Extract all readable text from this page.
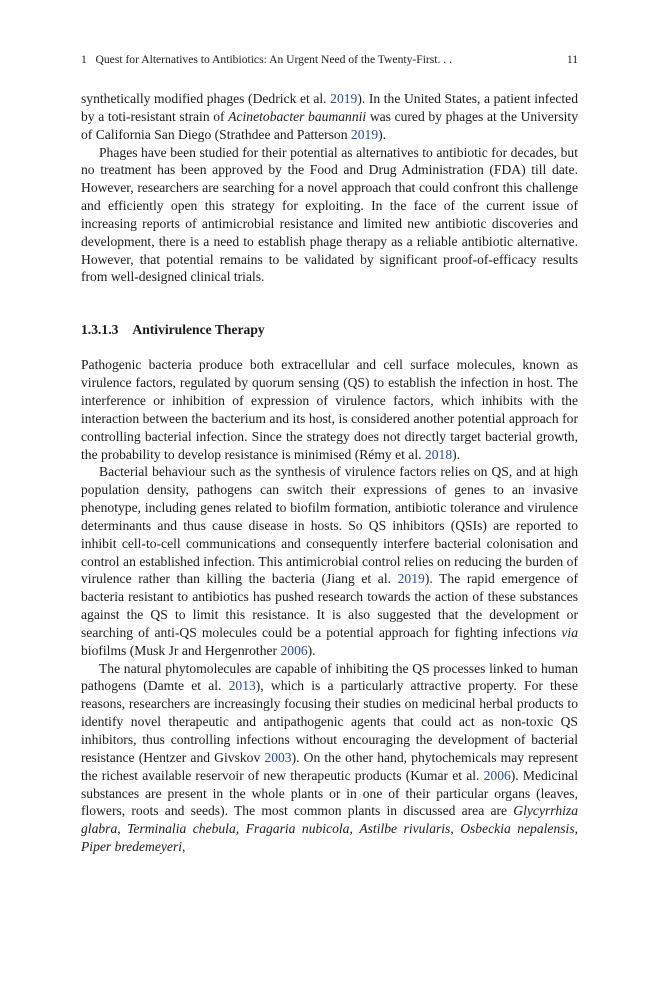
1 Quest for Alternatives to Antibiotics: An Urgent Need of the Twenty-First. . .	11

synthetically modified phages (Dedrick et al. 2019). In the United States, a patient infected by a toti-resistant strain of Acinetobacter baumannii was cured by phages at the University of California San Diego (Strathdee and Patterson 2019).

Phages have been studied for their potential as alternatives to antibiotic for decades, but no treatment has been approved by the Food and Drug Administration (FDA) till date. However, researchers are searching for a novel approach that could confront this challenge and efficiently open this strategy for exploiting. In the face of the current issue of increasing reports of antimicrobial resistance and limited new antibiotic discoveries and development, there is a need to establish phage therapy as a reliable antibiotic alternative. However, that potential remains to be validated by significant proof-of-efficacy results from well-designed clinical trials.

1.3.1.3 Antivirulence Therapy

Pathogenic bacteria produce both extracellular and cell surface molecules, known as virulence factors, regulated by quorum sensing (QS) to establish the infection in host. The interference or inhibition of expression of virulence factors, which inhibits with the interaction between the bacterium and its host, is considered another potential approach for controlling bacterial infection. Since the strategy does not directly target bacterial growth, the probability to develop resistance is minimised (Rémy et al. 2018).

Bacterial behaviour such as the synthesis of virulence factors relies on QS, and at high population density, pathogens can switch their expressions of genes to an invasive phenotype, including genes related to biofilm formation, antibiotic tolerance and virulence determinants and thus cause disease in hosts. So QS inhibitors (QSIs) are reported to inhibit cell-to-cell communications and consequently interfere bacterial colonisation and control an established infection. This antimicrobial control relies on reducing the burden of virulence rather than killing the bacteria (Jiang et al. 2019). The rapid emergence of bacteria resistant to antibiotics has pushed research towards the action of these substances against the QS to limit this resistance. It is also suggested that the development or searching of anti-QS molecules could be a potential approach for fighting infections via biofilms (Musk Jr and Hergenrother 2006).

The natural phytomolecules are capable of inhibiting the QS processes linked to human pathogens (Damte et al. 2013), which is a particularly attractive property. For these reasons, researchers are increasingly focusing their studies on medicinal herbal products to identify novel therapeutic and antipathogenic agents that could act as non-toxic QS inhibitors, thus controlling infections without encouraging the development of bacterial resistance (Hentzer and Givskov 2003). On the other hand, phytochemicals may represent the richest available reservoir of new therapeutic products (Kumar et al. 2006). Medicinal substances are present in the whole plants or in one of their particular organs (leaves, flowers, roots and seeds). The most common plants in discussed area are Glycyrrhiza glabra, Terminalia chebula, Fragaria nubicola, Astilbe rivularis, Osbeckia nepalensis, Piper bredemeyeri,
